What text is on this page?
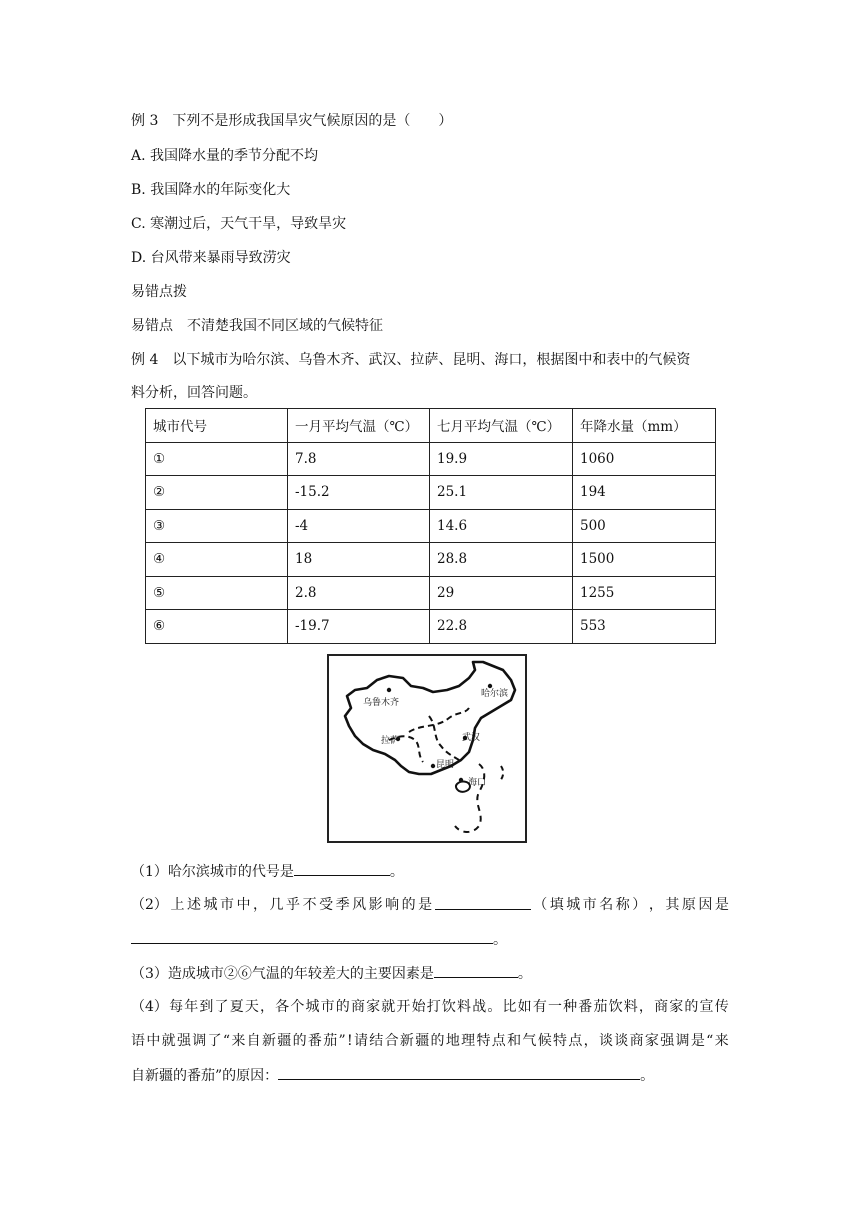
例 3　下列不是形成我国旱灾气候原因的是（　　）
A. 我国降水量的季节分配不均
B. 我国降水的年际变化大
C. 寒潮过后，天气干旱，导致旱灾
D. 台风带来暴雨导致涝灾
易错点拨
易错点　不清楚我国不同区域的气候特征
例 4　以下城市为哈尔滨、乌鲁木齐、武汉、拉萨、昆明、海口，根据图中和表中的气候资
料分析，回答问题。
城市代号	一月平均气温（℃）	七月平均气温（℃）	年降水量（mm）
①	7.8	19.9	1060
②	-15.2	25.1	194
③	-4	14.6	500
④	18	28.8	1500
⑤	2.8	29	1255
⑥	-19.7	22.8	553
乌鲁木齐
哈尔滨
拉萨	武汉
昆明
海口
（1）哈尔滨城市的代号是	。
（2） 上 述 城 市 中 ， 几 乎 不 受 季 风 影 响 的 是	（ 填 城 市 名 称 ） ， 其 原 因 是
。
（3）造成城市②⑥气温的年较差大的主要因素是	。
（4） 每 年 到 了 夏 天 ， 各 个 城 市 的 商 家 就 开 始 打 饮 料 战 。 比 如 有 一 种 番 茄 饮 料 ， 商 家 的 宣 传
语 中 就 强 调 了 “ 来 自 新 疆 的 番 茄 ” ! 请 结 合 新 疆 的 地 理 特 点 和 气 候 特 点 ， 谈 谈 商 家 强 调 是 “ 来
自新疆的番茄”的原因：	。
